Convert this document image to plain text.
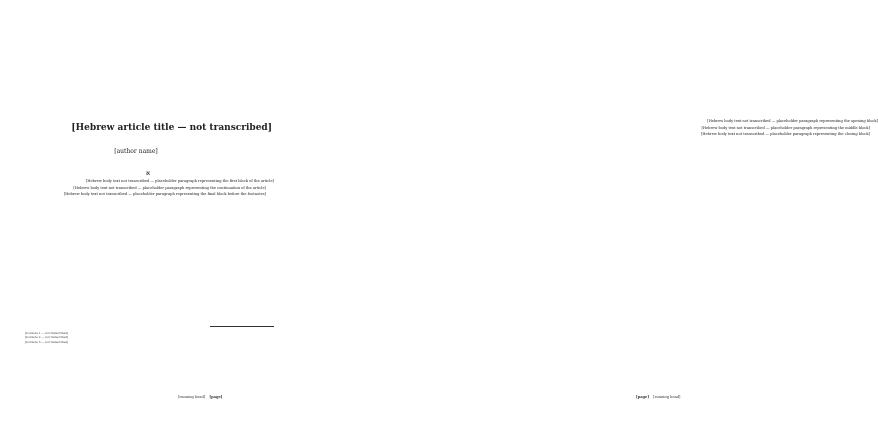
[Hebrew article title — not transcribed]
[author name]
א

[Hebrew body text not transcribed — placeholder paragraph representing the first block of the article]

[Hebrew body text not transcribed — placeholder paragraph representing the continuation of the article]

[Hebrew body text not transcribed — placeholder paragraph representing the final block before the footnotes]

[footnote 1 — not transcribed]

[footnote 2 — not transcribed]

[footnote 3 — not transcribed]

[running head] [page]

[Hebrew body text not transcribed — placeholder paragraph representing the opening block]

[Hebrew body text not transcribed — placeholder paragraph representing the middle block]

[Hebrew body text not transcribed — placeholder paragraph representing the closing block]

[page] [running head]
